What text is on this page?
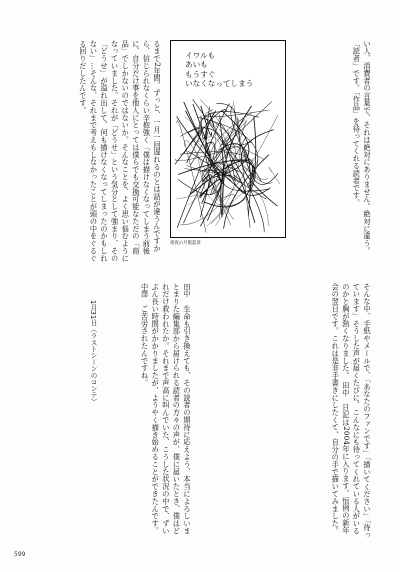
い人、消費者の言葉で、それは絶対にありません。絶対に違う。「読者」です。「作品」を待ってくれる読者です。

イワルも
あいも
もうすぐ
いなくなってしまう
夜夜の月版起章

るまで2年間、ずっと、一月一回遅れるのとは話が違うんですから、信じられなくらい辛抱強く「僕は描けなくなってしまう前後に、自分だけ事を他人にとっては僕らでも交換可能なただの「商品」でしかないのではないか。そんなことを、よく思い悩むようになっていました。それが「どうせ」という気分として強まり、その「どうせ」が溢れ出して、何も描けなくなってしまったのかもしれない」…そんな、それまで考えもしなかったことが頭の中をぐるぐる回りだしたんです。

そんな中、手紙やメールで、「あなたのファンです」「描いてください」「待っています」そうした声が届くたびに、こんなにも待ってくれている人がいるのかと胸が熱くなりました。 田中　日記は2004年に入ります。恒例の新年会の翌日です。これは是非手書きにしたくて、自分の手で描いてみました。

田中　生命も引き換えても、その読者の期待に応えよう、本当によろしいまとまりた編集部から届けられる読者の方々の声が、僕に届いたとき、僕はどれだけ救われたか。それまで声高に叫んでいた、こうした状況の中で、ずいぶん長い時間がかかりましたが、ようやく描き始めることができたんです。 中澤　ご苦労されたんですね。

1月31日（ラストシーンのコンテ）
599
